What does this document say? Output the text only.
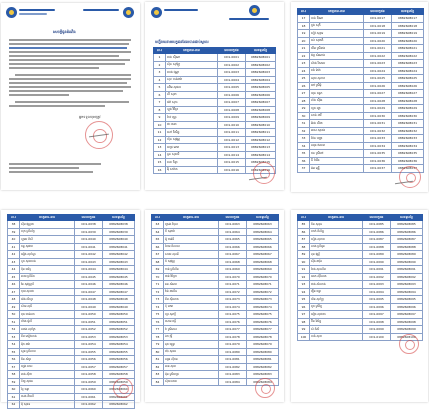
សេចក្តីជូនដំណឹង
អ្នកទទួលខុសត្រូវ
បញ្ជីរាយនាមបេក្ខជនដែលបានជាប់ស្ថាពរ
ល.រ	គោត្តនាម-នាម	លេខបេក្ខជន	លេខទូរស័ព្ទ
1	ចេង ស៊ីណា	CD1-0001	0882608001
2	ស៊ុន សុភ័ក្ត្រ	CD1-0002	0882608002
3	ហេង វណ្ណា	CD1-0003	0882608003
4	សុខ ចាន់ដារ៉ា	CD1-0004	0882608004
5	ឈឹម សុផល	CD1-0005	0882608005
6	លី សុខា	CD1-0006	0882608006
7	ម៉ៅ សុភា	CD1-0007	0882608007
8	ឡុង វិចិត្រ	CD1-0008	0882608008
9	កែវ បុប្ផា	CD1-0009	0882608009
10	ជា រតនា	CD1-0010	0882608010
11	សៅ ពិសិដ្ឋ	CD1-0011	0882608011
12	ហ៊ុន សុវណ្ណ	CD1-0012	0882608012
13	ពេជ្រ មករា	CD1-0013	0882608013
14	នួន សុខលី	CD1-0014	0882608014
15	ទេព ចិន្តា	CD1-0015	0882608015
16	អ៊ុំ សារ៉ាត	CD1-0016	0882608016
ល.រ	គោត្តនាម-នាម	លេខបេក្ខជន	លេខទូរស័ព្ទ
17	ចាន់ ឌីណា	CD1-0017	0882608017
18	ភួង សុភី	CD1-0018	0882608018
19	ខៀវ សុខុម	CD1-0019	0882608019
20	រស់ សុជាតិ	CD1-0020	0882608020
21	យឹម ស្រីនាង	CD1-0021	0882608021
22	វង្ស សំណាង	CD1-0022	0882608022
23	ស៊ាង វិសាល	CD1-0023	0882608023
24	គង់ ម៉ារ៉ា	CD1-0024	0882608024
25	ណុប សុភាព	CD1-0025	0882608025
26	ពៅ ស្រីមុំ	CD1-0026	0882608026
27	ឃុន ពន្លក	CD1-0027	0882608027
28	តាំង ស៊ីវន	CD1-0028	0882608028
29	ហួត រដ្ឋា	CD1-0029	0882608029
30	សាន់ ដាវី	CD1-0030	0882608030
31	អ៊ាង លីដា	CD1-0031	0882608031
32	មាស សុខេង	CD1-0032	0882608032
33	ប៉ែន បញ្ញា	CD1-0033	0882608033
34	ឈុន វាសនា	CD1-0034	0882608034
35	ថន ស្រីពៅ	CD1-0035	0882608035
36	នី ចំរើន	CD1-0036	0882608036
37	ម៉ម មុន្នី	CD1-0037	0882608037
ល.រ	គោត្តនាម-នាម	លេខបេក្ខជន	លេខទូរស័ព្ទ
38	ស៊ឹម វណ្ណដា	CD1-0038	0882608038
39	ហុក ស្រីល័ក្ខ	CD1-0039	0882608039
40	ឡាយ ពិសី	CD1-0040	0882608040
41	ចន្ទ សុផាត	CD1-0041	0882608041
42	អៀង សុភ័ណ្ឌ	CD1-0042	0882608042
43	ទូច សុខហេង	CD1-0043	0882608043
44	ប៊ុន ធារិទ្ធ	CD1-0044	0882608044
45	ឆាយ ស្រីនិច	CD1-0045	0882608045
46	វ៉ន សុវណ្ណារី	CD1-0046	0882608046
47	កុយ សុខជា	CD1-0047	0882608047
48	ម៉េង លីហួរ	CD1-0048	0882608048
49	ស៊ាម សុធី	CD1-0049	0882608049
50	ពុធ ចាន់ណា	CD1-0050	0882608050
51	ហ៊ាង ម៉ូលី	CD1-0051	0882608051
52	ឈាង សុភ័ក្រ	CD1-0052	0882608052
53	គឹម សៀវលាង	CD1-0053	0882608053
54	អ៊ុក ដារ៉ា	CD1-0054	0882608054
55	សួន ស្រីលាប	CD1-0055	0882608055
56	ជិន សំបូរ	CD1-0056	0882608056
57	ឡេង រតនៈ	CD1-0057	0882608057
58	នាង ស៊ីថា	CD1-0058	0882608058
59	ទិត្យ សុផន	CD1-0059	0882608059
60	រិទ្ធ ចន្ថា	CD1-0060	0882608060
61	សេង គឹមលី	CD1-0061	0882608061
62	មុំ សុខន	CD1-0062	0882608062
ល.រ	គោត្តនាម-នាម	លេខបេក្ខជន	លេខទូរស័ព្ទ
63	ស្រេង វិបុល	CD1-0063	0882608063
64	ភី សុភារ៉ា	CD1-0064	0882608064
65	អ៊ូ ចាន់ធី	CD1-0065	0882608065
66	ហែម ពិសាល	CD1-0066	0882608066
67	សាយ សុខនី	CD1-0067	0882608067
68	ចំ សុវណ្ណ	CD1-0068	0882608068
69	កាន់ ស្រីលីន	CD1-0069	0882608069
70	ផាន់ វិចិត្រា	CD1-0070	0882608070
71	ឆន សំអាត	CD1-0071	0882608071
72	វ៉ាន់ ដាលីន	CD1-0072	0882608072
73	គីម ស៊ីណាត	CD1-0073	0882608073
74	ទុំ មករា	CD1-0074	0882608074
75	ហួរ សុភក្តី	CD1-0075	0882608075
76	សោម ពន្លឺ	CD1-0076	0882608076
77	រ៉ា ស្រីមាស	CD1-0077	0882608077
78	ឯក វុទ្ធី	CD1-0078	0882608078
79	នុត ចន្ទ្រា	CD1-0079	0882608079
80	ប៉ោ សុខម	CD1-0080	0882608080
81	ឈួន ស៊ីថន	CD1-0081	0882608081
82	អាន សុធា	CD1-0082	0882608082
83	ម៉ុន ស្រីពេជ្រ	CD1-0083	0882608083
84	ស៊ុយ រតនា	CD1-0084	0882608084
ល.រ	គោត្តនាម-នាម	លេខបេក្ខជន	លេខទូរស័ព្ទ
85	ចិន សុខុន	CD1-0085	0882608085
86	ហាក់ ពិសិដ្ឋ	CD1-0086	0882608086
87	ទៀង សុភាព	CD1-0087	0882608087
88	លាង ស្រីអូន	CD1-0088	0882608088
89	ខុន វណ្ណី	CD1-0089	0882608089
90	ស៊ឹង ដារ៉ុង	CD1-0090	0882608090
91	ពែង សុខលីម	CD1-0091	0882608091
92	អោក ស៊ីណែត	CD1-0092	0882608092
93	ជាង សំណាង	CD1-0093	0882608093
94	វឿន ចន្ទា	CD1-0094	0882608094
95	យិន សុភ័ក្ត្រ	CD1-0095	0882608095
96	តូច ស្រីរ័ត្ន	CD1-0096	0882608096
97	មៀច សុជាតា	CD1-0097	0882608097
98	ប៊ិន វិសិដ្ឋ	CD1-0098	0882608098
99	សំ ពិសី	CD1-0099	0882608099
100	ហង់ សុខា	CD1-0100	0882608100
